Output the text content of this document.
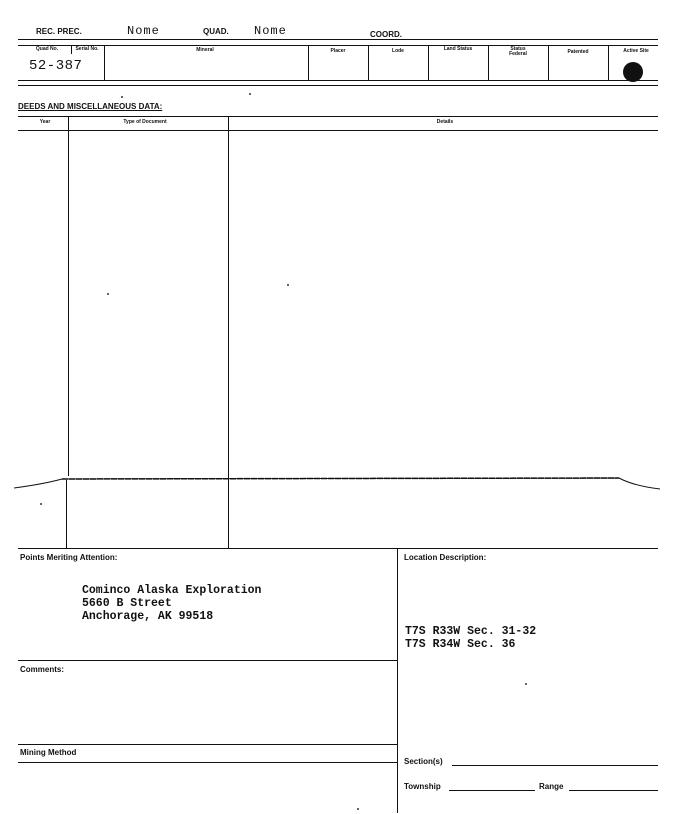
REC. PREC.	Nome	QUAD. Nome	COORD.
Quad No.	Serial No.	Mineral	Placer	Lode	Land Status	Status Federal	Patented	Active Site
52-387
DEEDS AND MISCELLANEOUS DATA:
Year	Type of Document	Details
Points Meriting Attention:
Cominco Alaska Exploration
5660 B Street
Anchorage, AK 99518
Location Description:
T7S R33W Sec. 31-32
T7S R34W Sec. 36
Comments:
Mining Method
Section(s)
Township	Range
